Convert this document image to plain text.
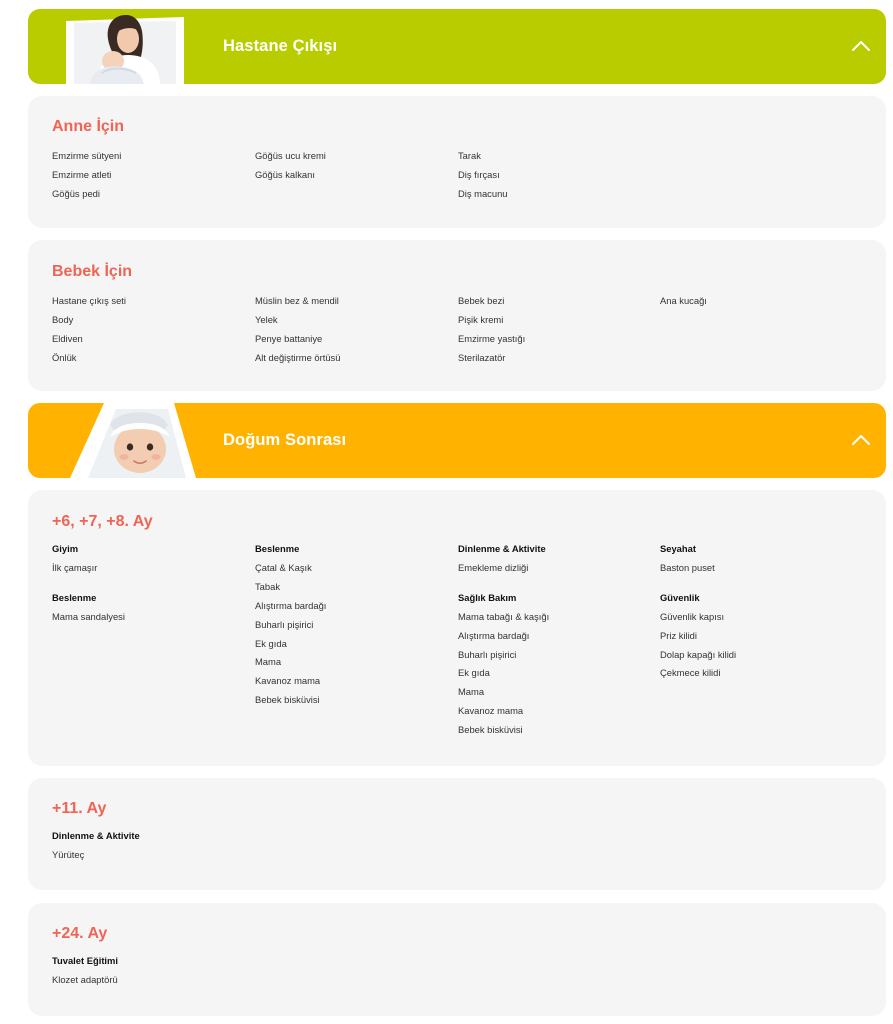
Hastane Çıkışı
Anne İçin
Emzirme sütyeni
Emzirme atleti
Göğüs pedi
Göğüs ucu kremi
Göğüs kalkanı
Tarak
Diş fırçası
Diş macunu
Bebek İçin
Hastane çıkış seti
Body
Eldiven
Önlük
Müslin bez & mendil
Yelek
Penye battaniye
Alt değiştirme örtüsü
Bebek bezi
Pişik kremi
Emzirme yastığı
Sterilazatör
Ana kucağı
Doğum Sonrası
+6, +7, +8. Ay
Giyim
İlk çamaşır
Beslenme
Mama sandalyesi
Beslenme
Çatal & Kaşık
Tabak
Alıştırma bardağı
Buharlı pişirici
Ek gıda
Mama
Kavanoz mama
Bebek bisküvisi
Dinlenme & Aktivite
Emekleme dizliği
Sağlık Bakım
Mama tabağı & kaşığı
Alıştırma bardağı
Buharlı pişirici
Ek gıda
Mama
Kavanoz mama
Bebek bisküvisi
Seyahat
Baston puset
Güvenlik
Güvenlik kapısı
Priz kilidi
Dolap kapağı kilidi
Çekmece kilidi
+11. Ay
Dinlenme & Aktivite
Yürüteç
+24. Ay
Tuvalet Eğitimi
Klozet adaptörü
